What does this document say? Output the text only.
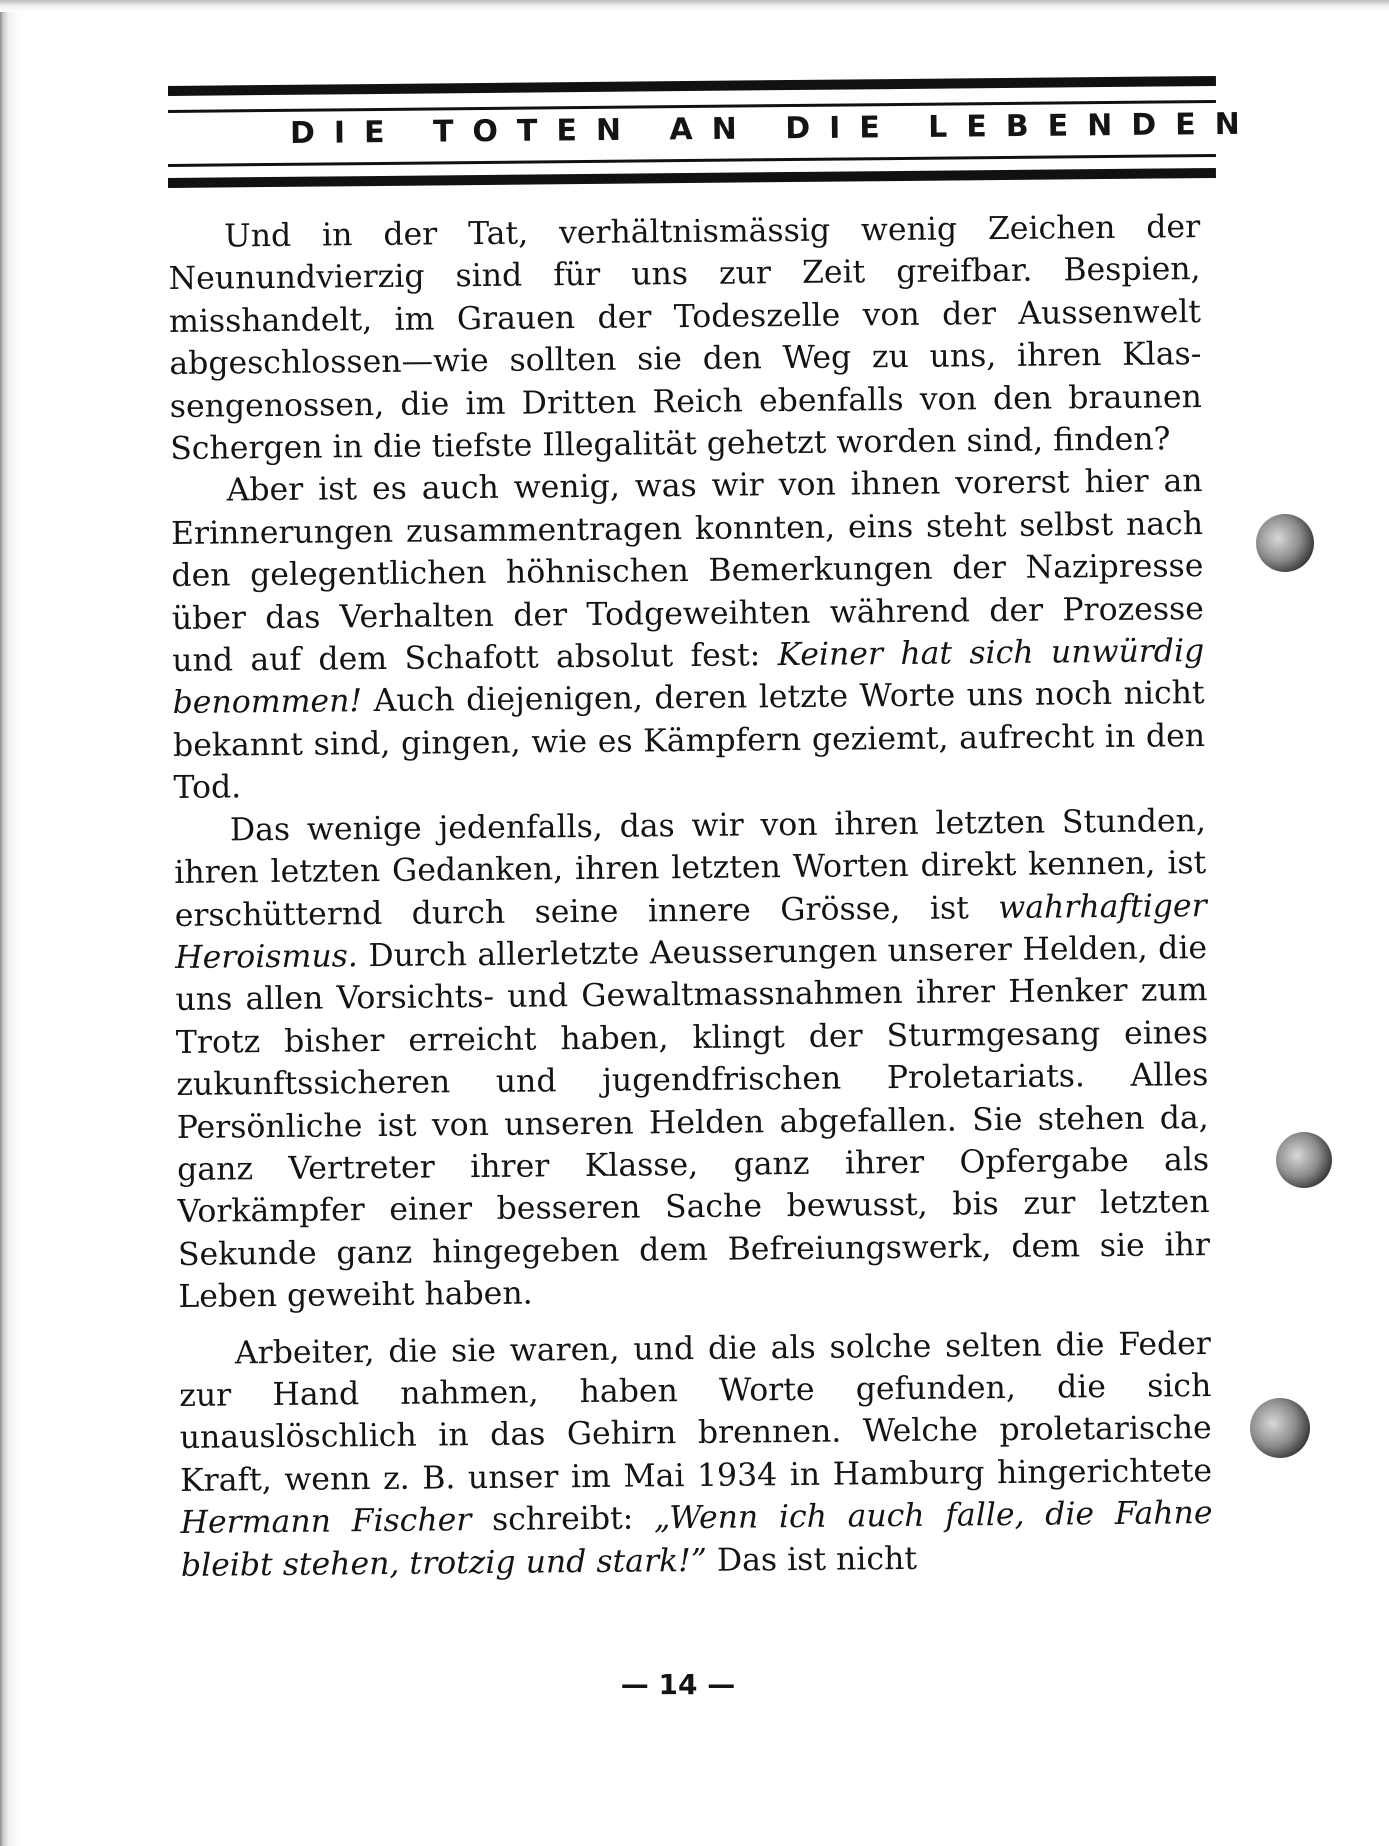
DIE TOTEN AN DIE LEBENDEN

Und in der Tat, verhältnismässig wenig Zeichen der Neunundvierzig sind für uns zur Zeit greifbar. Bespien, misshandelt, im Grauen der Todeszelle von der Aussenwelt abgeschlossen—wie sollten sie den Weg zu uns, ihren Klassengenossen, die im Dritten Reich ebenfalls von den braunen Schergen in die tiefste Illegalität gehetzt worden sind, finden?

Aber ist es auch wenig, was wir von ihnen vorerst hier an Erinnerungen zusammentragen konnten, eins steht selbst nach den gelegentlichen höhnischen Bemerkungen der Nazipresse über das Verhalten der Todgeweihten während der Prozesse und auf dem Schafott absolut fest: Keiner hat sich unwürdig benommen! Auch diejenigen, deren letzte Worte uns noch nicht bekannt sind, gingen, wie es Kämpfern geziemt, aufrecht in den Tod.

Das wenige jedenfalls, das wir von ihren letzten Stunden, ihren letzten Gedanken, ihren letzten Worten direkt kennen, ist erschütternd durch seine innere Grösse, ist wahrhaftiger Heroismus. Durch allerletzte Aeusserungen unserer Helden, die uns allen Vorsichts- und Gewaltmassnahmen ihrer Henker zum Trotz bisher erreicht haben, klingt der Sturmgesang eines zukunftssicheren und jugendfrischen Proletariats. Alles Persönliche ist von unseren Helden abgefallen. Sie stehen da, ganz Vertreter ihrer Klasse, ganz ihrer Opfergabe als Vorkämpfer einer besseren Sache bewusst, bis zur letzten Sekunde ganz hingegeben dem Befreiungswerk, dem sie ihr Leben geweiht haben.

Arbeiter, die sie waren, und die als solche selten die Feder zur Hand nahmen, haben Worte gefunden, die sich unauslöschlich in das Gehirn brennen. Welche proletarische Kraft, wenn z. B. unser im Mai 1934 in Hamburg hingerichtete Hermann Fischer schreibt: „Wenn ich auch falle, die Fahne bleibt stehen, trotzig und stark!” Das ist nicht

— 14 —
